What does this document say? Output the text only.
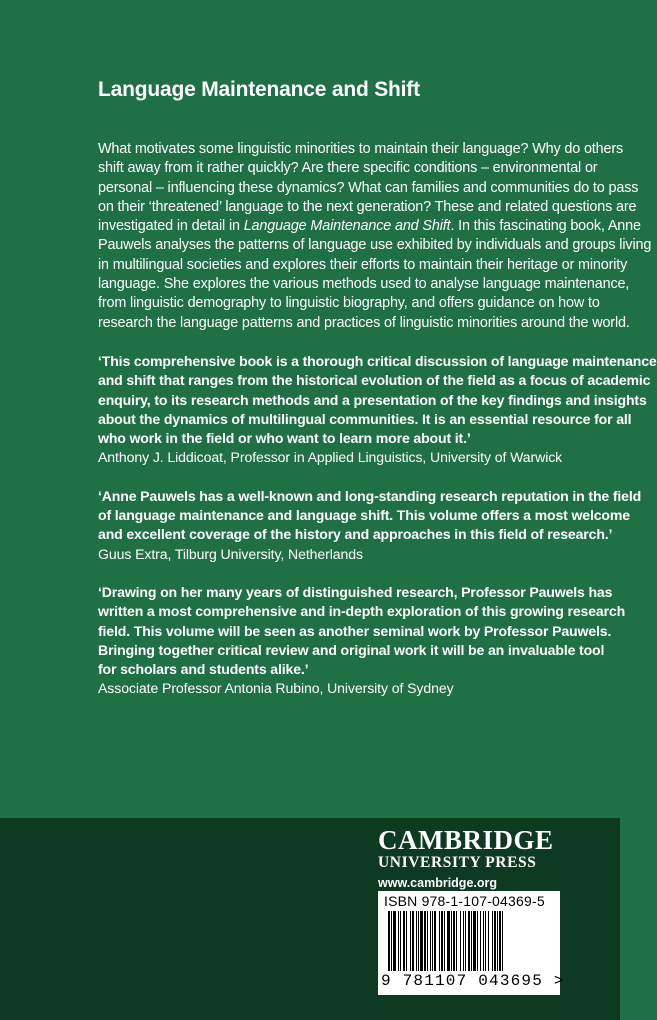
Language Maintenance and Shift

What motivates some linguistic minorities to maintain their language? Why do others
shift away from it rather quickly? Are there specific conditions – environmental or
personal – influencing these dynamics? What can families and communities do to pass
on their ‘threatened’ language to the next generation? These and related questions are
investigated in detail in Language Maintenance and Shift. In this fascinating book, Anne
Pauwels analyses the patterns of language use exhibited by individuals and groups living
in multilingual societies and explores their efforts to maintain their heritage or minority
language. She explores the various methods used to analyse language maintenance,
from linguistic demography to linguistic biography, and offers guidance on how to
research the language patterns and practices of linguistic minorities around the world.

‘This comprehensive book is a thorough critical discussion of language maintenance
and shift that ranges from the historical evolution of the field as a focus of academic
enquiry, to its research methods and a presentation of the key findings and insights
about the dynamics of multilingual communities. It is an essential resource for all
who work in the field or who want to learn more about it.’
Anthony J. Liddicoat, Professor in Applied Linguistics, University of Warwick
‘Anne Pauwels has a well-known and long-standing research reputation in the field
of language maintenance and language shift. This volume offers a most welcome
and excellent coverage of the history and approaches in this field of research.’
Guus Extra, Tilburg University, Netherlands
‘Drawing on her many years of distinguished research, Professor Pauwels has
written a most comprehensive and in-depth exploration of this growing research
field. This volume will be seen as another seminal work by Professor Pauwels.
Bringing together critical review and original work it will be an invaluable tool
for scholars and students alike.’
Associate Professor Antonia Rubino, University of Sydney
CAMBRIDGE
UNIVERSITY PRESS
www.cambridge.org
ISBN 978-1-107-04369-5
9 781107 043695 >
